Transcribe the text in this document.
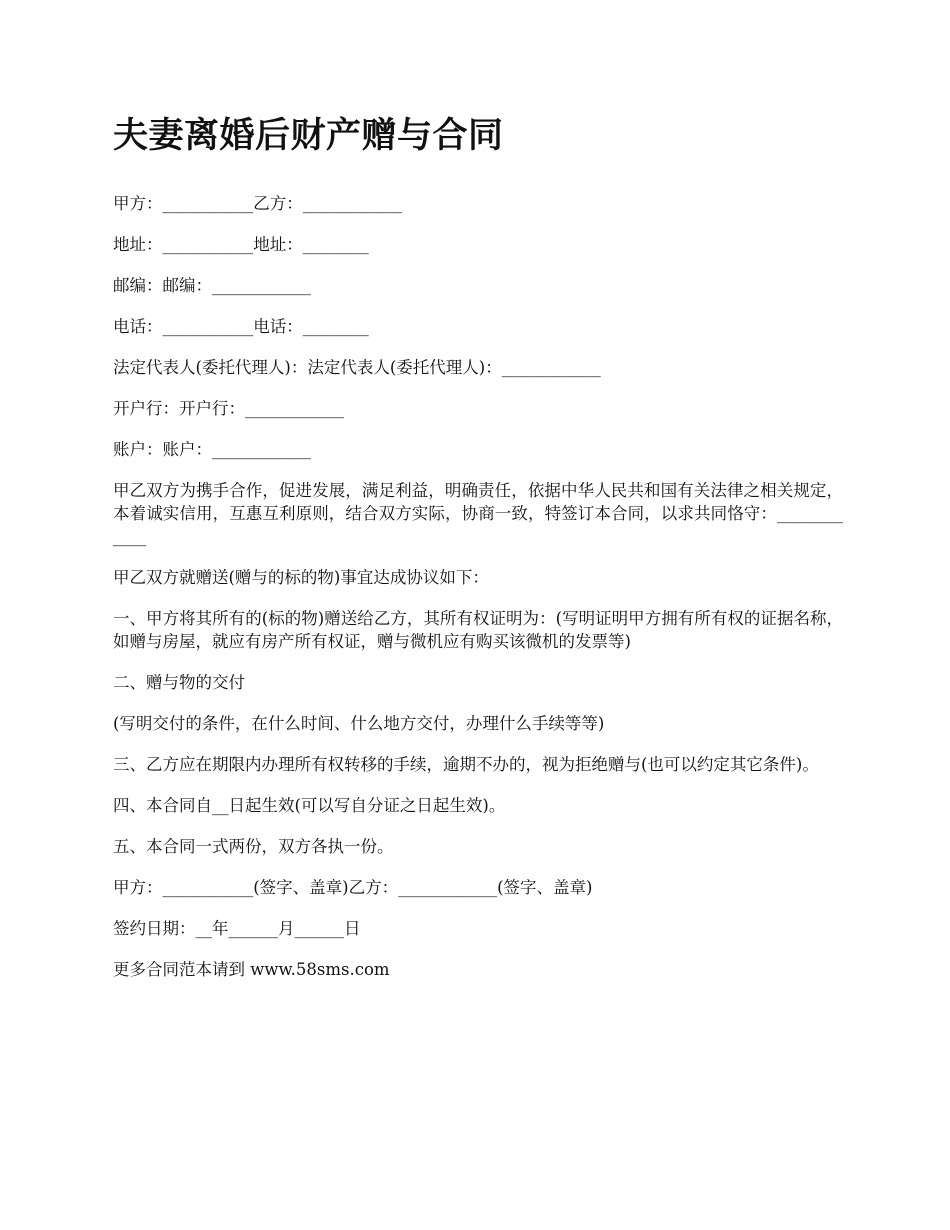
夫妻离婚后财产赠与合同

甲方：___________乙方：____________

地址：___________地址：________

邮编：邮编：____________

电话：___________电话：________

法定代表人(委托代理人)：法定代表人(委托代理人)：____________

开户行：开户行：____________

账户：账户：____________

甲乙双方为携手合作，促进发展，满足利益，明确责任，依据中华人民共和国有关法律之相关规定，本着诚实信用，互惠互利原则，结合双方实际，协商一致，特签订本合同，以求共同恪守：____________

甲乙双方就赠送(赠与的标的物)事宜达成协议如下：

一、甲方将其所有的(标的物)赠送给乙方，其所有权证明为：(写明证明甲方拥有所有权的证据名称，如赠与房屋，就应有房产所有权证，赠与微机应有购买该微机的发票等)

二、赠与物的交付

(写明交付的条件，在什么时间、什么地方交付，办理什么手续等等)

三、乙方应在期限内办理所有权转移的手续，逾期不办的，视为拒绝赠与(也可以约定其它条件)。

四、本合同自__日起生效(可以写自分证之日起生效)。

五、本合同一式两份，双方各执一份。

甲方：___________(签字、盖章)乙方：____________(签字、盖章)

签约日期：__年______月______日

更多合同范本请到 www.58sms.com
